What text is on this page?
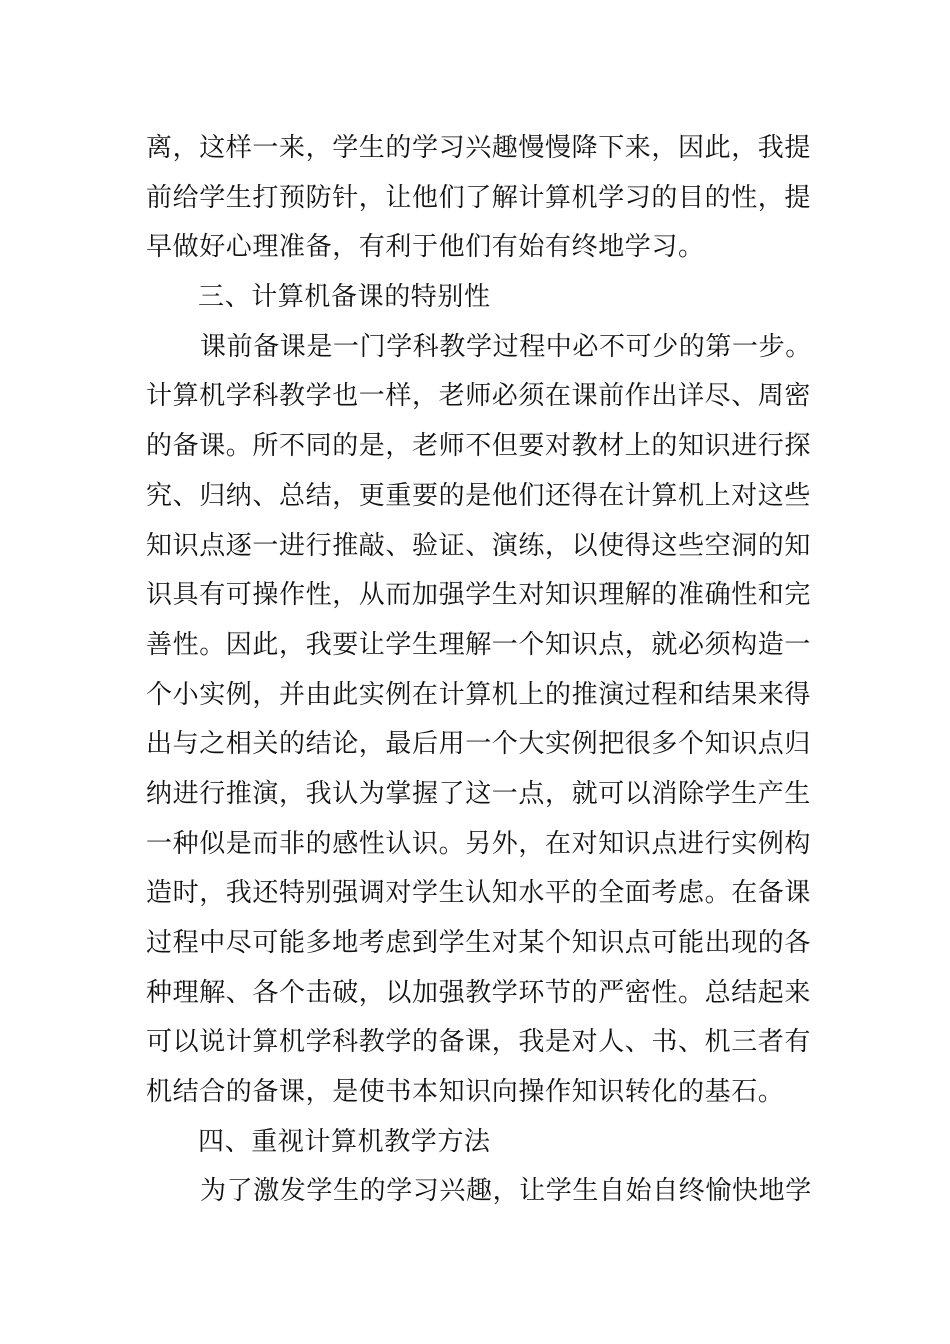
离，这样一来，学生的学习兴趣慢慢降下来，因此，我提
前给学生打预防针，让他们了解计算机学习的目的性，提
早做好心理准备，有利于他们有始有终地学习。
三、计算机备课的特别性
课前备课是一门学科教学过程中必不可少的第一步。
计算机学科教学也一样，老师必须在课前作出详尽、周密
的备课。所不同的是，老师不但要对教材上的知识进行探
究、归纳、总结，更重要的是他们还得在计算机上对这些
知识点逐一进行推敲、验证、演练，以使得这些空洞的知
识具有可操作性，从而加强学生对知识理解的准确性和完
善性。因此，我要让学生理解一个知识点，就必须构造一
个小实例，并由此实例在计算机上的推演过程和结果来得
出与之相关的结论，最后用一个大实例把很多个知识点归
纳进行推演，我认为掌握了这一点，就可以消除学生产生
一种似是而非的感性认识。另外，在对知识点进行实例构
造时，我还特别强调对学生认知水平的全面考虑。在备课
过程中尽可能多地考虑到学生对某个知识点可能出现的各
种理解、各个击破，以加强教学环节的严密性。总结起来
可以说计算机学科教学的备课，我是对人、书、机三者有
机结合的备课，是使书本知识向操作知识转化的基石。
四、重视计算机教学方法
为了激发学生的学习兴趣，让学生自始自终愉快地学
